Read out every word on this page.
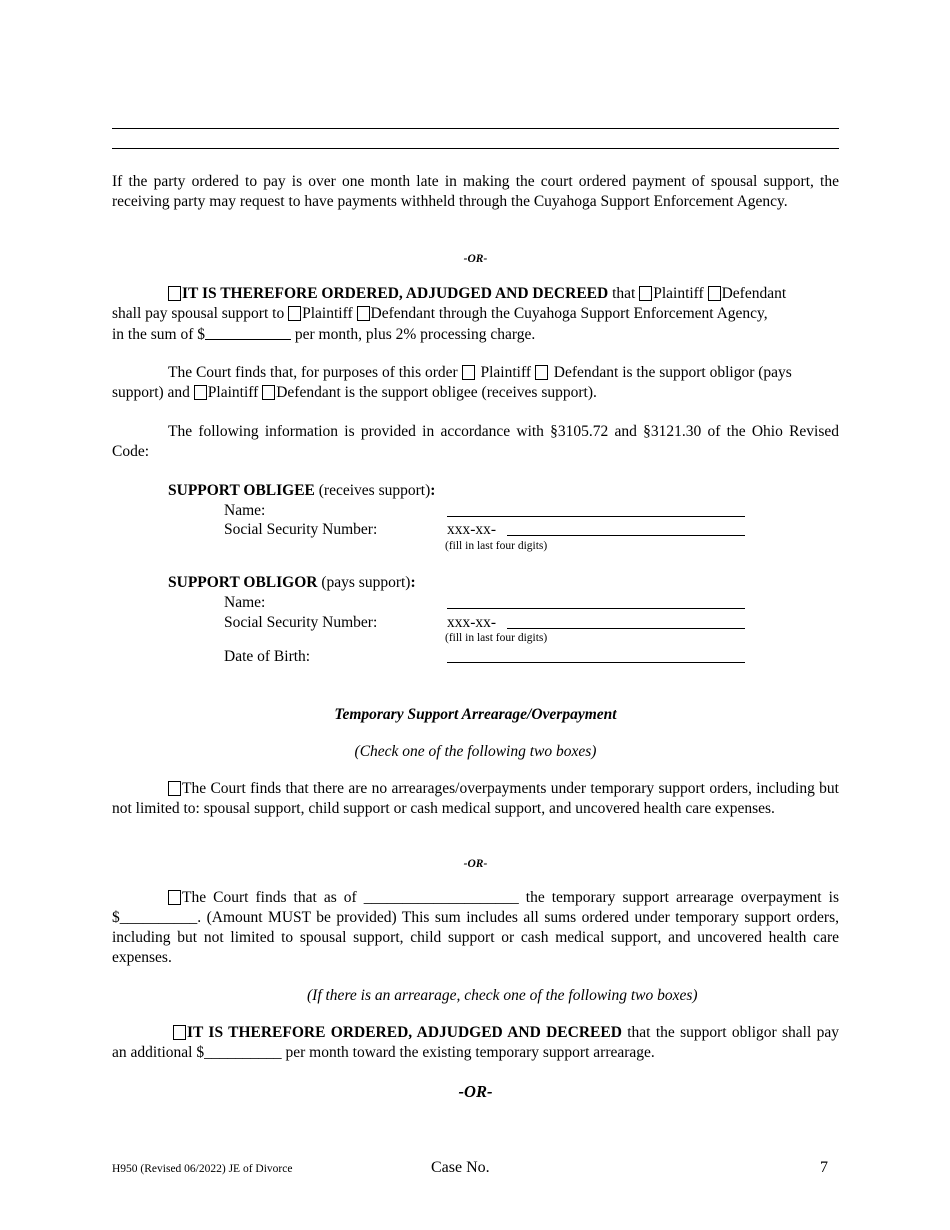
If the party ordered to pay is over one month late in making the court ordered payment of spousal support, the receiving party may request to have payments withheld through the Cuyahoga Support Enforcement Agency.

-OR-

IT IS THEREFORE ORDERED, ADJUDGED AND DECREED that Plaintiff Defendant
shall pay spousal support to Plaintiff Defendant through the Cuyahoga Support Enforcement Agency,
in the sum of $	per month, plus 2% processing charge.

The Court finds that, for purposes of this order  Plaintiff Defendant is the support obligor (pays
support) and Plaintiff Defendant is the support obligee (receives support).

The following information is provided in accordance with §3105.72 and §3121.30 of the Ohio Revised Code:

SUPPORT OBLIGEE (receives support):
Name:
Social Security Number:	xxx-xx-
(fill in last four digits)
SUPPORT OBLIGOR (pays support):
Name:
Social Security Number:	xxx-xx-
(fill in last four digits)
Date of Birth:
Temporary Support Arrearage/Overpayment
(Check one of the following two boxes)

The Court finds that there are no arrearages/overpayments under temporary support orders, including but not limited to: spousal support, child support or cash medical support, and uncovered health care expenses.

-OR-

The Court finds that as of ____________________ the temporary support arrearage overpayment is $__________. (Amount MUST be provided) This sum includes all sums ordered under temporary support orders, including but not limited to spousal support, child support or cash medical support, and uncovered health care expenses.

(If there is an arrearage, check one of the following two boxes)

IT IS THEREFORE ORDERED, ADJUDGED AND DECREED that the support obligor shall pay an additional $__________ per month toward the existing temporary support arrearage.

-OR-
H950 (Revised 06/2022) JE of Divorce	Case No.	7
